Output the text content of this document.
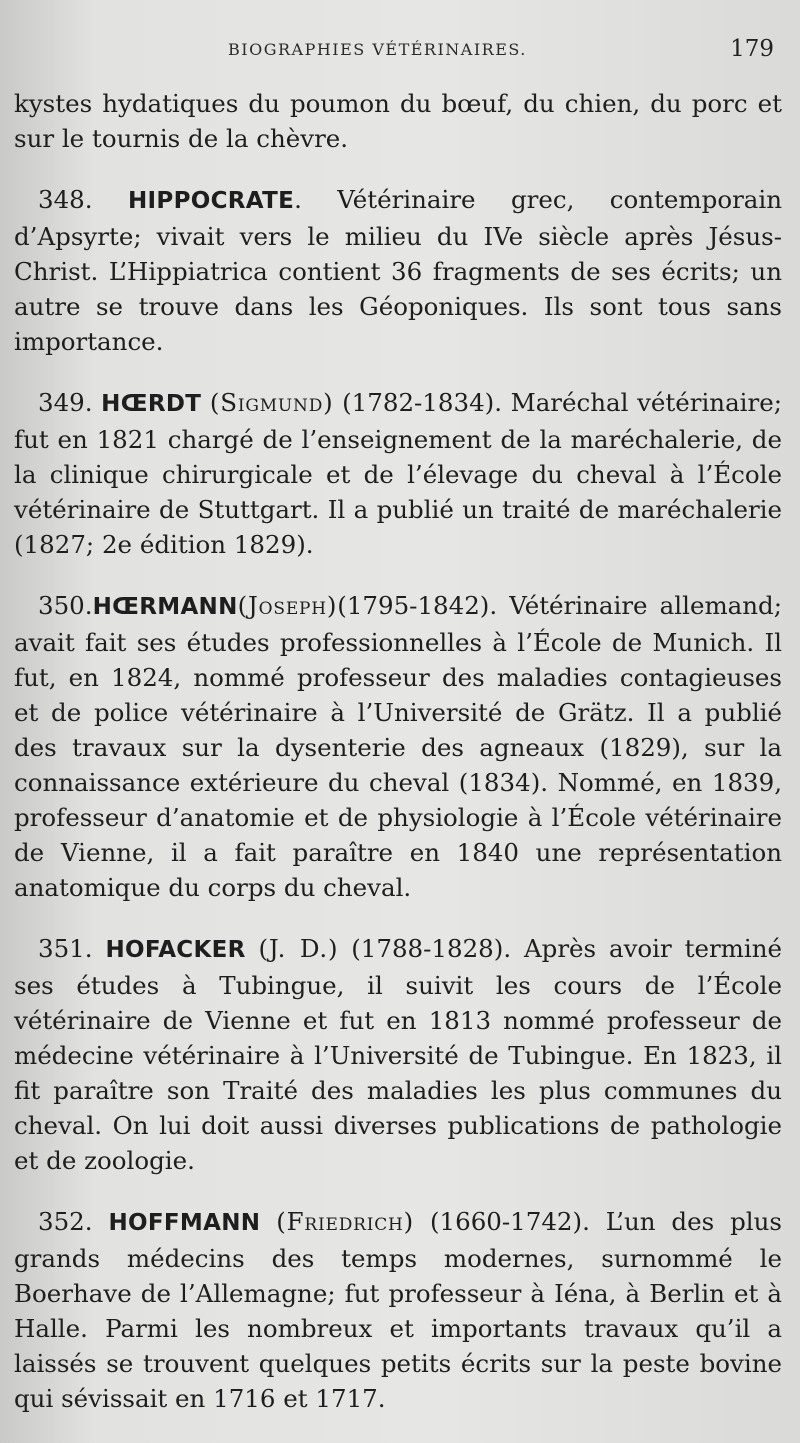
BIOGRAPHIES VÉTÉRINAIRES.	179

kystes hydatiques du poumon du bœuf, du chien, du porc et sur le tournis de la chèvre.

348. HIPPOCRATE. Vétérinaire grec, contemporain d’Apsyrte; vivait vers le milieu du IVe siècle après Jésus-Christ. L’Hippiatrica contient 36 fragments de ses écrits; un autre se trouve dans les Géoponiques. Ils sont tous sans importance.

349. HŒRDT (Sigmund) (1782-1834). Maréchal vétérinaire; fut en 1821 chargé de l’enseignement de la maréchalerie, de la clinique chirurgicale et de l’élevage du cheval à l’École vétérinaire de Stuttgart. Il a publié un traité de maréchalerie (1827; 2e édition 1829).

350.HŒRMANN(Joseph)(1795-1842). Vétérinaire allemand; avait fait ses études professionnelles à l’École de Munich. Il fut, en 1824, nommé professeur des maladies contagieuses et de police vétérinaire à l’Université de Grätz. Il a publié des travaux sur la dysenterie des agneaux (1829), sur la connaissance extérieure du cheval (1834). Nommé, en 1839, professeur d’anatomie et de physiologie à l’École vétérinaire de Vienne, il a fait paraître en 1840 une représentation anatomique du corps du cheval.

351. HOFACKER (J. D.) (1788-1828). Après avoir terminé ses études à Tubingue, il suivit les cours de l’École vétérinaire de Vienne et fut en 1813 nommé professeur de médecine vétérinaire à l’Université de Tubingue. En 1823, il fit paraître son Traité des maladies les plus communes du cheval. On lui doit aussi diverses publications de pathologie et de zoologie.

352. HOFFMANN (Friedrich) (1660-1742). L’un des plus grands médecins des temps modernes, surnommé le Boerhave de l’Allemagne; fut professeur à Iéna, à Berlin et à Halle. Parmi les nombreux et importants travaux qu’il a laissés se trouvent quelques petits écrits sur la peste bovine qui sévissait en 1716 et 1717.
